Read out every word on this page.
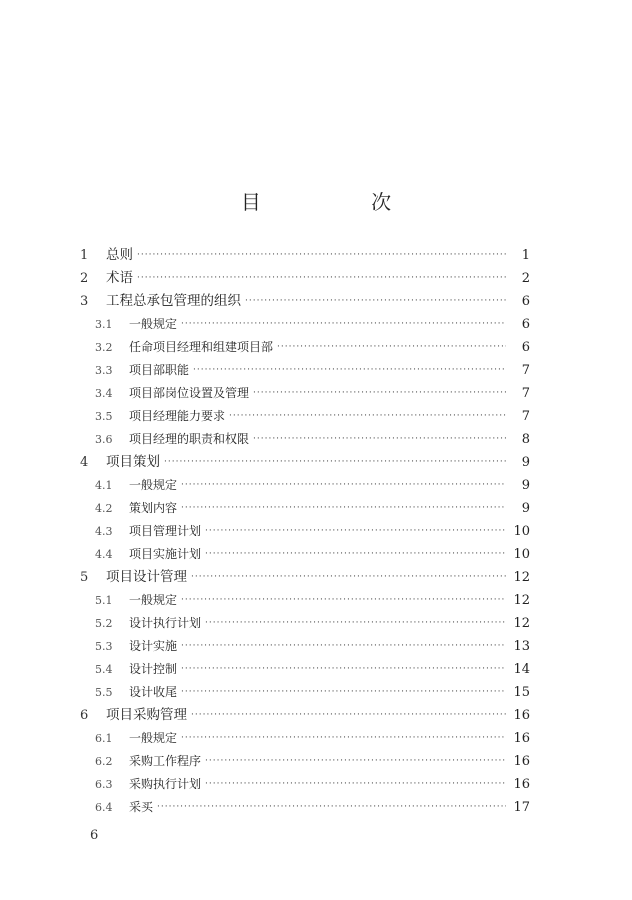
目 次
1	总则 ·····	1
2	术语 ·····	2
3	工程总承包管理的组织 ·····	6
3.1	一般规定 ·····	6
3.2	任命项目经理和组建项目部 ·····	6
3.3	项目部职能 ·····	7
3.4	项目部岗位设置及管理 ·····	7
3.5	项目经理能力要求 ·····	7
3.6	项目经理的职责和权限 ·····	8
4	项目策划 ·····	9
4.1	一般规定 ·····	9
4.2	策划内容 ·····	9
4.3	项目管理计划 ·····	10
4.4	项目实施计划 ·····	10
5	项目设计管理 ·····	12
5.1	一般规定 ·····	12
5.2	设计执行计划 ·····	12
5.3	设计实施 ·····	13
5.4	设计控制 ·····	14
5.5	设计收尾 ·····	15
6	项目采购管理 ·····	16
6.1	一般规定 ·····	16
6.2	采购工作程序 ·····	16
6.3	采购执行计划 ·····	16
6.4	采买 ·····	17
6
